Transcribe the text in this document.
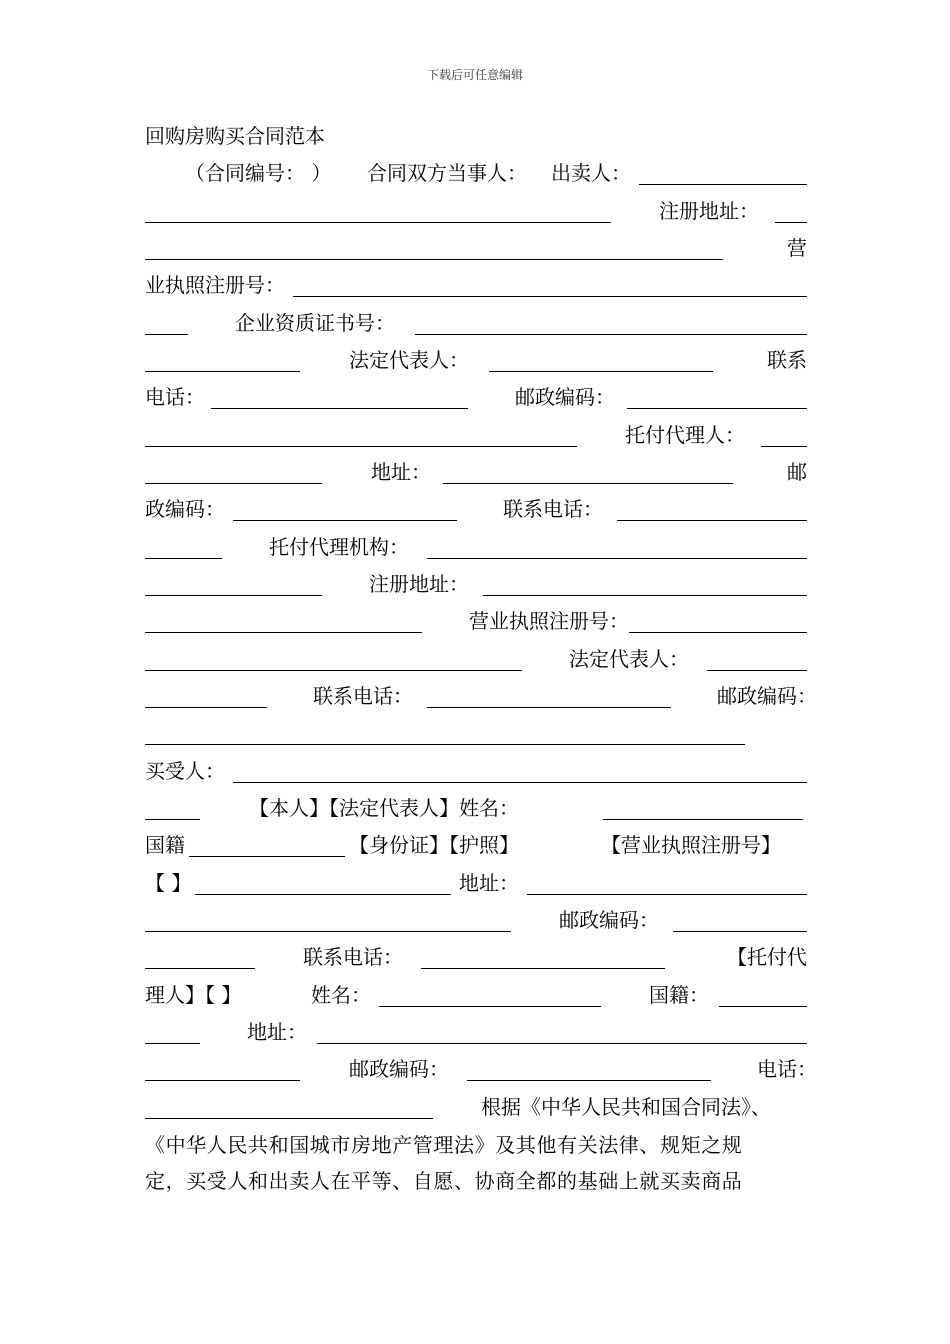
下载后可任意编辑
回购房购买合同范本
（合同编号： ） 合同双方当事人： 出卖人：
注册地址：
营
业执照注册号：
企业资质证书号：
法定代表人：	联系
电话：	邮政编码：
托付代理人：
地址：	邮
政编码：	联系电话：
托付代理机构：
注册地址：
营业执照注册号：
法定代表人：
联系电话：	邮政编码：
买受人：
【本人】【法定代表人】姓名：
国籍	【身份证】【护照】	【营业执照注册号】
【 】	地址：
邮政编码：
联系电话：	【托付代
理人】【 】	姓名：	国籍：
地址：
邮政编码：	电话：
根据《中华人民共和国合同法》、
《中华人民共和国城市房地产管理法》及其他有关法律、规矩之规
定，买受人和出卖人在平等、自愿、协商全都的基础上就买卖商品
